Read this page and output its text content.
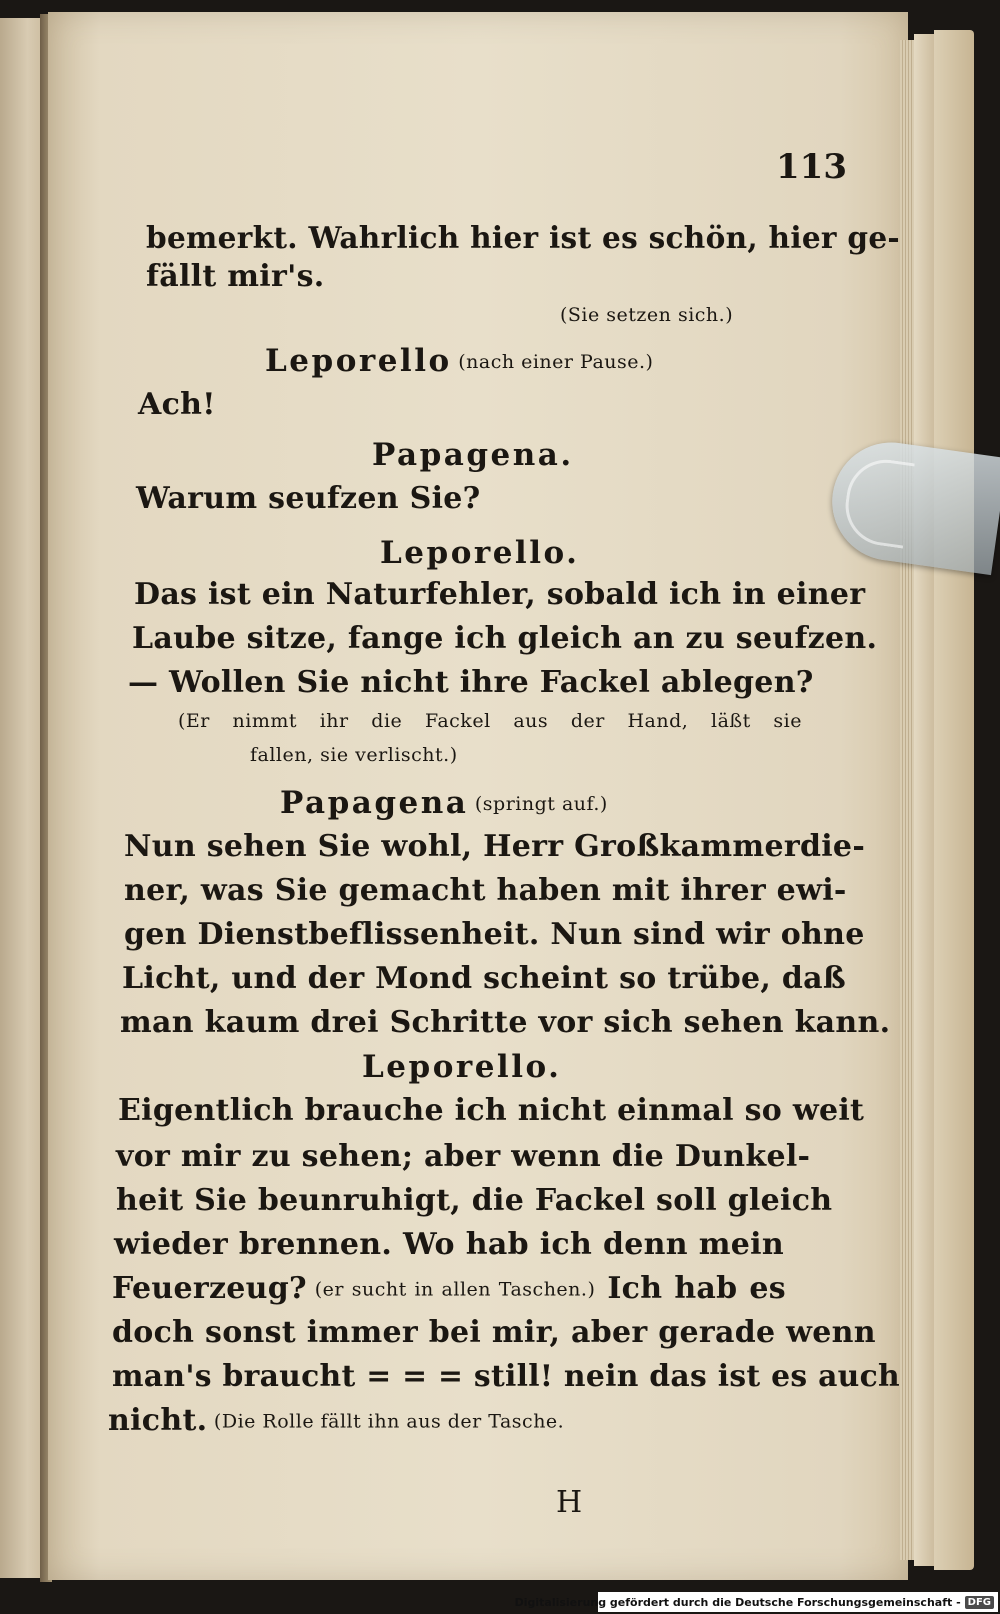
113
H
bemerkt. Wahrlich hier ist es schön, hier ge-
fällt mir's.
(Sie setzen sich.)
Leporello (nach einer Pause.)
Ach!
Papagena.
Warum seufzen Sie?
Leporello.
Das ist ein Naturfehler, sobald ich in einer
Laube sitze, fange ich gleich an zu seufzen.
— Wollen Sie nicht ihre Fackel ablegen?
(Er nimmt ihr die Fackel aus der Hand, läßt sie
fallen, sie verlischt.)
Papagena (springt auf.)
Nun sehen Sie wohl, Herr Großkammerdie-
ner, was Sie gemacht haben mit ihrer ewi-
gen Dienstbeflissenheit. Nun sind wir ohne
Licht, und der Mond scheint so trübe, daß
man kaum drei Schritte vor sich sehen kann.
Leporello.
Eigentlich brauche ich nicht einmal so weit
vor mir zu sehen; aber wenn die Dunkel-
heit Sie beunruhigt, die Fackel soll gleich
wieder brennen. Wo hab ich denn mein
Feuerzeug? (er sucht in allen Taschen.) Ich hab es
doch sonst immer bei mir, aber gerade wenn
man's braucht = = = still! nein das ist es auch
nicht. (Die Rolle fällt ihn aus der Tasche.
Digitalisierung gefördert durch die Deutsche Forschungsgemeinschaft - DFG
